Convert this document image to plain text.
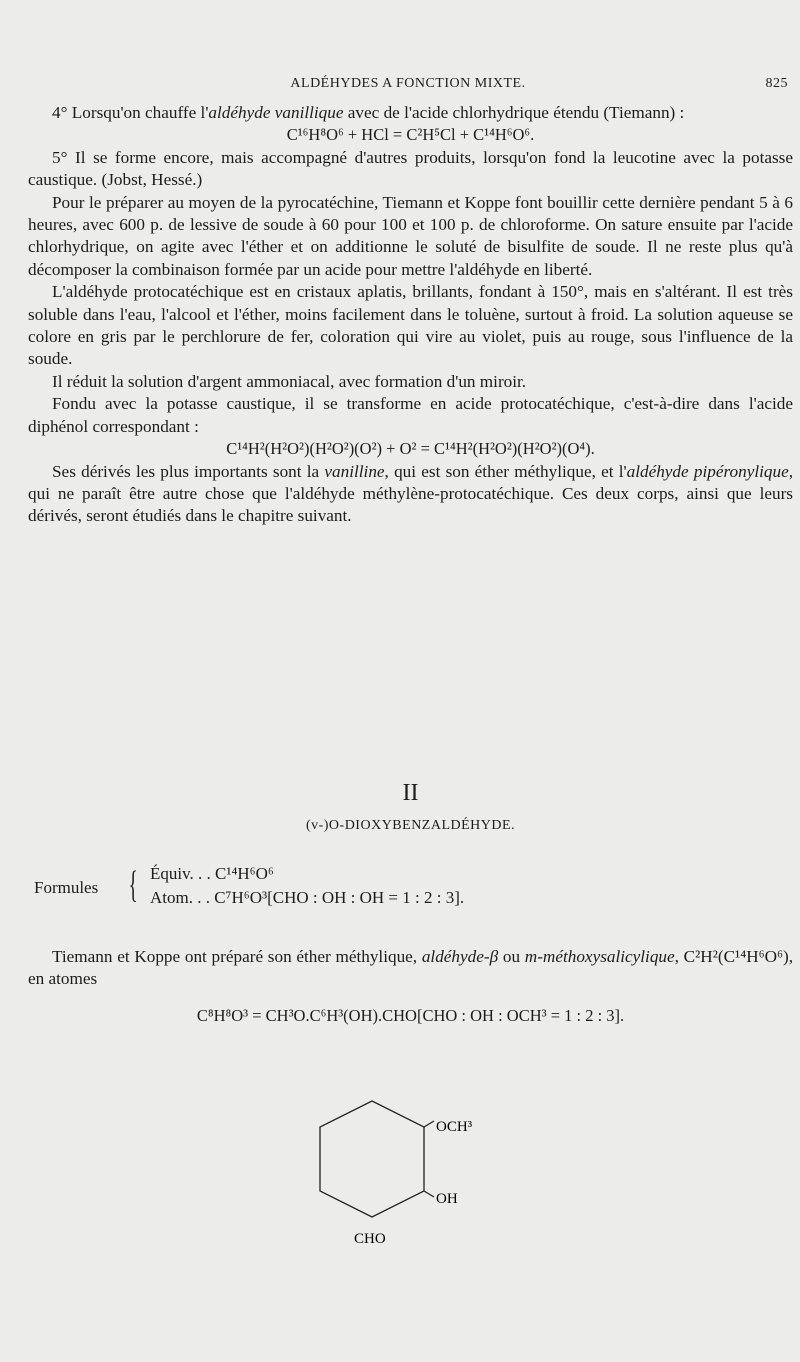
ALDÉHYDES A FONCTION MIXTE.	825

4° Lorsqu'on chauffe l'aldéhyde vanillique avec de l'acide chlorhydrique étendu (Tiemann) :

C¹⁶H⁸O⁶ + HCl = C²H⁵Cl + C¹⁴H⁶O⁶.

5° Il se forme encore, mais accompagné d'autres produits, lorsqu'on fond la leucotine avec la potasse caustique. (Jobst, Hessé.)

Pour le préparer au moyen de la pyrocatéchine, Tiemann et Koppe font bouillir cette dernière pendant 5 à 6 heures, avec 600 p. de lessive de soude à 60 pour 100 et 100 p. de chloroforme. On sature ensuite par l'acide chlorhydrique, on agite avec l'éther et on additionne le soluté de bisulfite de soude. Il ne reste plus qu'à décomposer la combinaison formée par un acide pour mettre l'aldéhyde en liberté.

L'aldéhyde protocatéchique est en cristaux aplatis, brillants, fondant à 150°, mais en s'altérant. Il est très soluble dans l'eau, l'alcool et l'éther, moins facilement dans le toluène, surtout à froid. La solution aqueuse se colore en gris par le perchlorure de fer, coloration qui vire au violet, puis au rouge, sous l'influence de la soude.

Il réduit la solution d'argent ammoniacal, avec formation d'un miroir.

Fondu avec la potasse caustique, il se transforme en acide protocatéchique, c'est-à-dire dans l'acide diphénol correspondant :

C¹⁴H²(H²O²)(H²O²)(O²) + O² = C¹⁴H²(H²O²)(H²O²)(O⁴).

Ses dérivés les plus importants sont la vanilline, qui est son éther méthylique, et l'aldéhyde pipéronylique, qui ne paraît être autre chose que l'aldéhyde méthylène-protocatéchique. Ces deux corps, ainsi que leurs dérivés, seront étudiés dans le chapitre suivant.

II
(v-)O-DIOXYBENZALDÉHYDE.
Formules { Équiv. . . C¹⁴H⁶O⁶
Atom. . . C⁷H⁶O³[CHO : OH : OH = 1 : 2 : 3].

Tiemann et Koppe ont préparé son éther méthylique, aldéhyde-β ou m-méthoxysalicylique, C²H²(C¹⁴H⁶O⁶), en atomes

C⁸H⁸O³ = CH³O.C⁶H³(OH).CHO[CHO : OH : OCH³ = 1 : 2 : 3].

OCH³
OH
CHO
